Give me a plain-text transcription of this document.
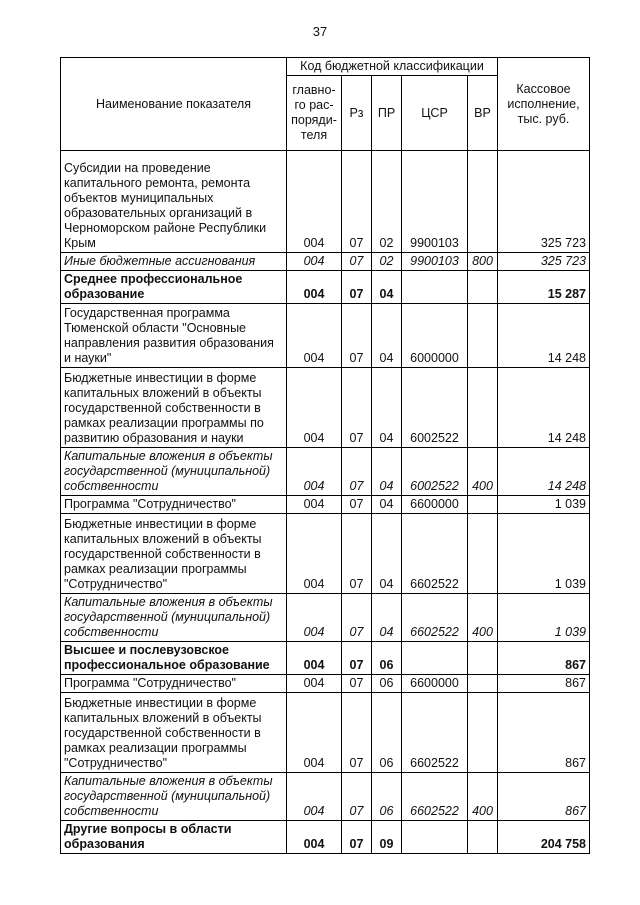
37
Наименование показателя	Код бюджетной классификации					Кассовое исполнение, тыс. руб.
	главно-го рас-поряди-теля	Рз	ПР	ЦСР	ВР	
Субсидии на проведение капитального ремонта, ремонта объектов муниципальных образовательных организаций в Черноморском районе Республики Крым	004	07	02	9900103		325 723
Иные бюджетные ассигнования	004	07	02	9900103	800	325 723
Среднее профессиональное образование	004	07	04			15 287
Государственная программа Тюменской области "Основные направления развития образования и науки"	004	07	04	6000000		14 248
Бюджетные инвестиции в форме капитальных вложений в объекты государственной собственности в рамках реализации программы по развитию образования и науки	004	07	04	6002522		14 248
Капитальные вложения в объекты государственной (муниципальной) собственности	004	07	04	6002522	400	14 248
Программа "Сотрудничество"	004	07	04	6600000		1 039
Бюджетные инвестиции в форме капитальных вложений в объекты государственной собственности в рамках реализации программы "Сотрудничество"	004	07	04	6602522		1 039
Капитальные вложения в объекты государственной (муниципальной) собственности	004	07	04	6602522	400	1 039
Высшее и послевузовское профессиональное образование	004	07	06			867
Программа "Сотрудничество"	004	07	06	6600000		867
Бюджетные инвестиции в форме капитальных вложений в объекты государственной собственности в рамках реализации программы "Сотрудничество"	004	07	06	6602522		867
Капитальные вложения в объекты государственной (муниципальной) собственности	004	07	06	6602522	400	867
Другие вопросы в области образования	004	07	09			204 758
